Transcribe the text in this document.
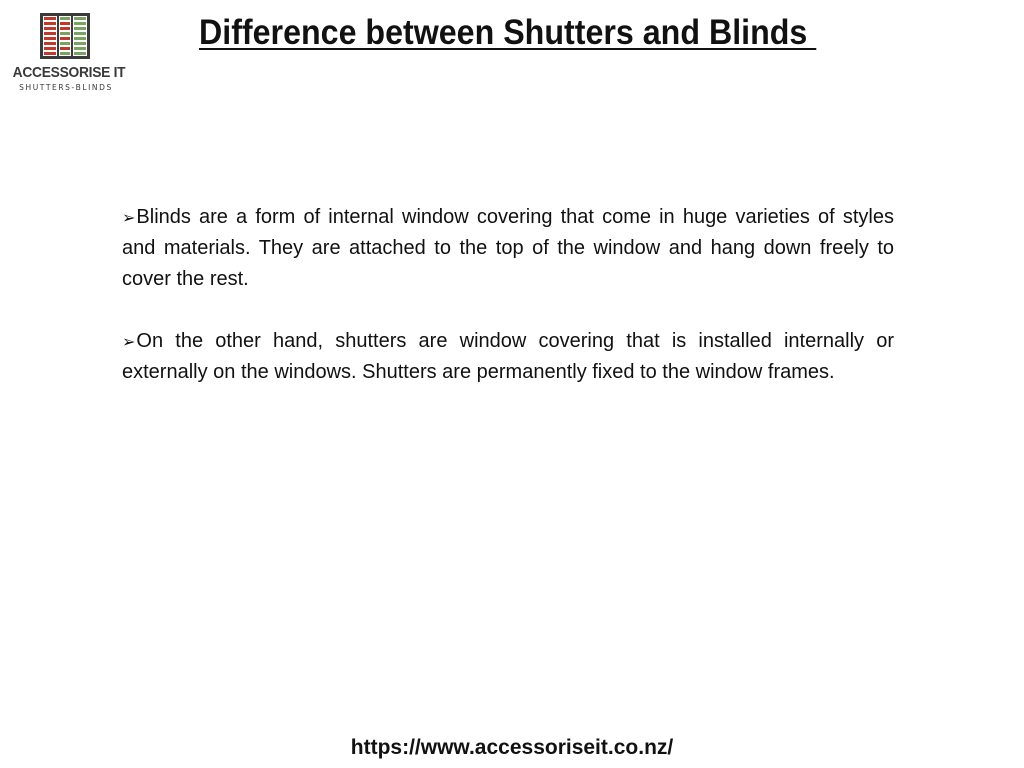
ACCESSORISE IT
SHUTTERS-BLINDS
Difference between Shutters and Blinds

➢Blinds are a form of internal window covering that come in huge varieties of styles and materials. They are attached to the top of the window and hang down freely to cover the rest.

➢On the other hand, shutters are window covering that is installed internally or externally on the windows. Shutters are permanently fixed to the window frames.

https://www.accessoriseit.co.nz/
